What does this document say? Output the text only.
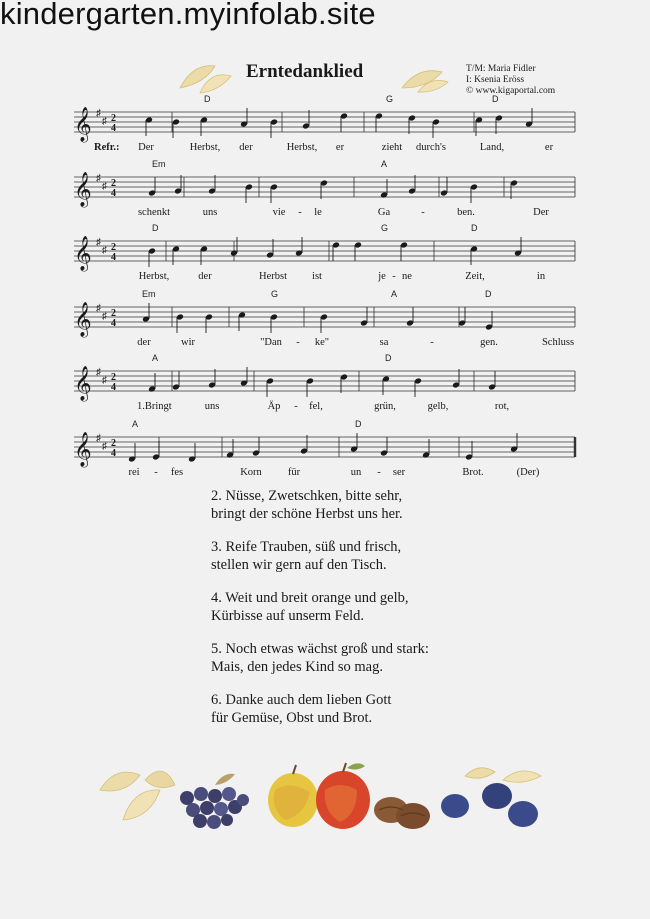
kindergarten.myinfolab.site
Erntedanklied	T/M: Maria Fidler
I: Ksenia Eröss
© www.kigaportal.com
𝄞 ♯
♯ 2
4
D	G	D
Refr.: Der	Herbst, der	Herbst, er	zieht durch's	Land,	er
𝄞 ♯
♯ 2
4
Em	A
schenkt	uns	vie - le	Ga	-	ben.	Der
𝄞 ♯
♯ 2
4
D	G	D
Herbst,	der	Herbst ist	je - ne	Zeit,	in
𝄞 ♯
♯ 2
4
Em	G	A	D
der	wir	"Dan - ke"	sa	-	gen.	Schluss
𝄞 ♯
♯ 2
4
A	D
1.Bringt	uns	Äp - fel,	grün,	gelb,	rot,
𝄞 ♯
♯ 2
4
A	D
rei - fes	Korn für	un - ser	Brot.	(Der)
2. Nüsse, Zwetschken, bitte sehr,
bringt der schöne Herbst uns her.
3. Reife Trauben, süß und frisch,
stellen wir gern auf den Tisch.
4. Weit und breit orange und gelb,
Kürbisse auf unserm Feld.
5. Noch etwas wächst groß und stark:
Mais, den jedes Kind so mag.
6. Danke auch dem lieben Gott
für Gemüse, Obst und Brot.
